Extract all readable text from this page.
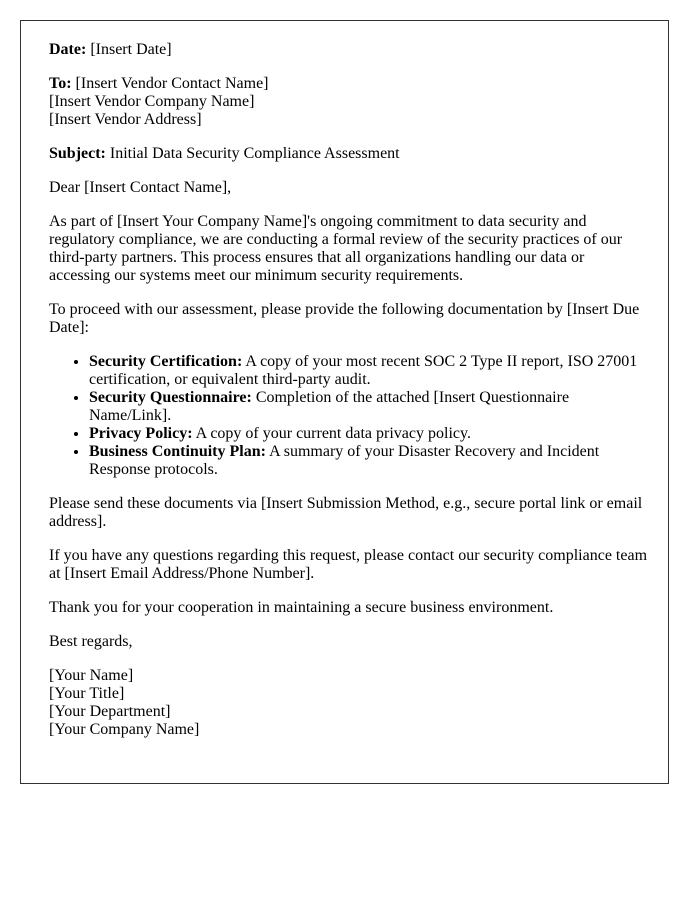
Date: [Insert Date]

To: [Insert Vendor Contact Name]
[Insert Vendor Company Name]
[Insert Vendor Address]

Subject: Initial Data Security Compliance Assessment

Dear [Insert Contact Name],

As part of [Insert Your Company Name]'s ongoing commitment to data security and regulatory compliance, we are conducting a formal review of the security practices of our third-party partners. This process ensures that all organizations handling our data or accessing our systems meet our minimum security requirements.

To proceed with our assessment, please provide the following documentation by [Insert Due Date]:

• Security Certification: A copy of your most recent SOC 2 Type II report, ISO 27001 certification, or equivalent third-party audit.
• Security Questionnaire: Completion of the attached [Insert Questionnaire Name/Link].
• Privacy Policy: A copy of your current data privacy policy.
• Business Continuity Plan: A summary of your Disaster Recovery and Incident Response protocols.

Please send these documents via [Insert Submission Method, e.g., secure portal link or email address].

If you have any questions regarding this request, please contact our security compliance team at [Insert Email Address/Phone Number].

Thank you for your cooperation in maintaining a secure business environment.

Best regards,

[Your Name]
[Your Title]
[Your Department]
[Your Company Name]
